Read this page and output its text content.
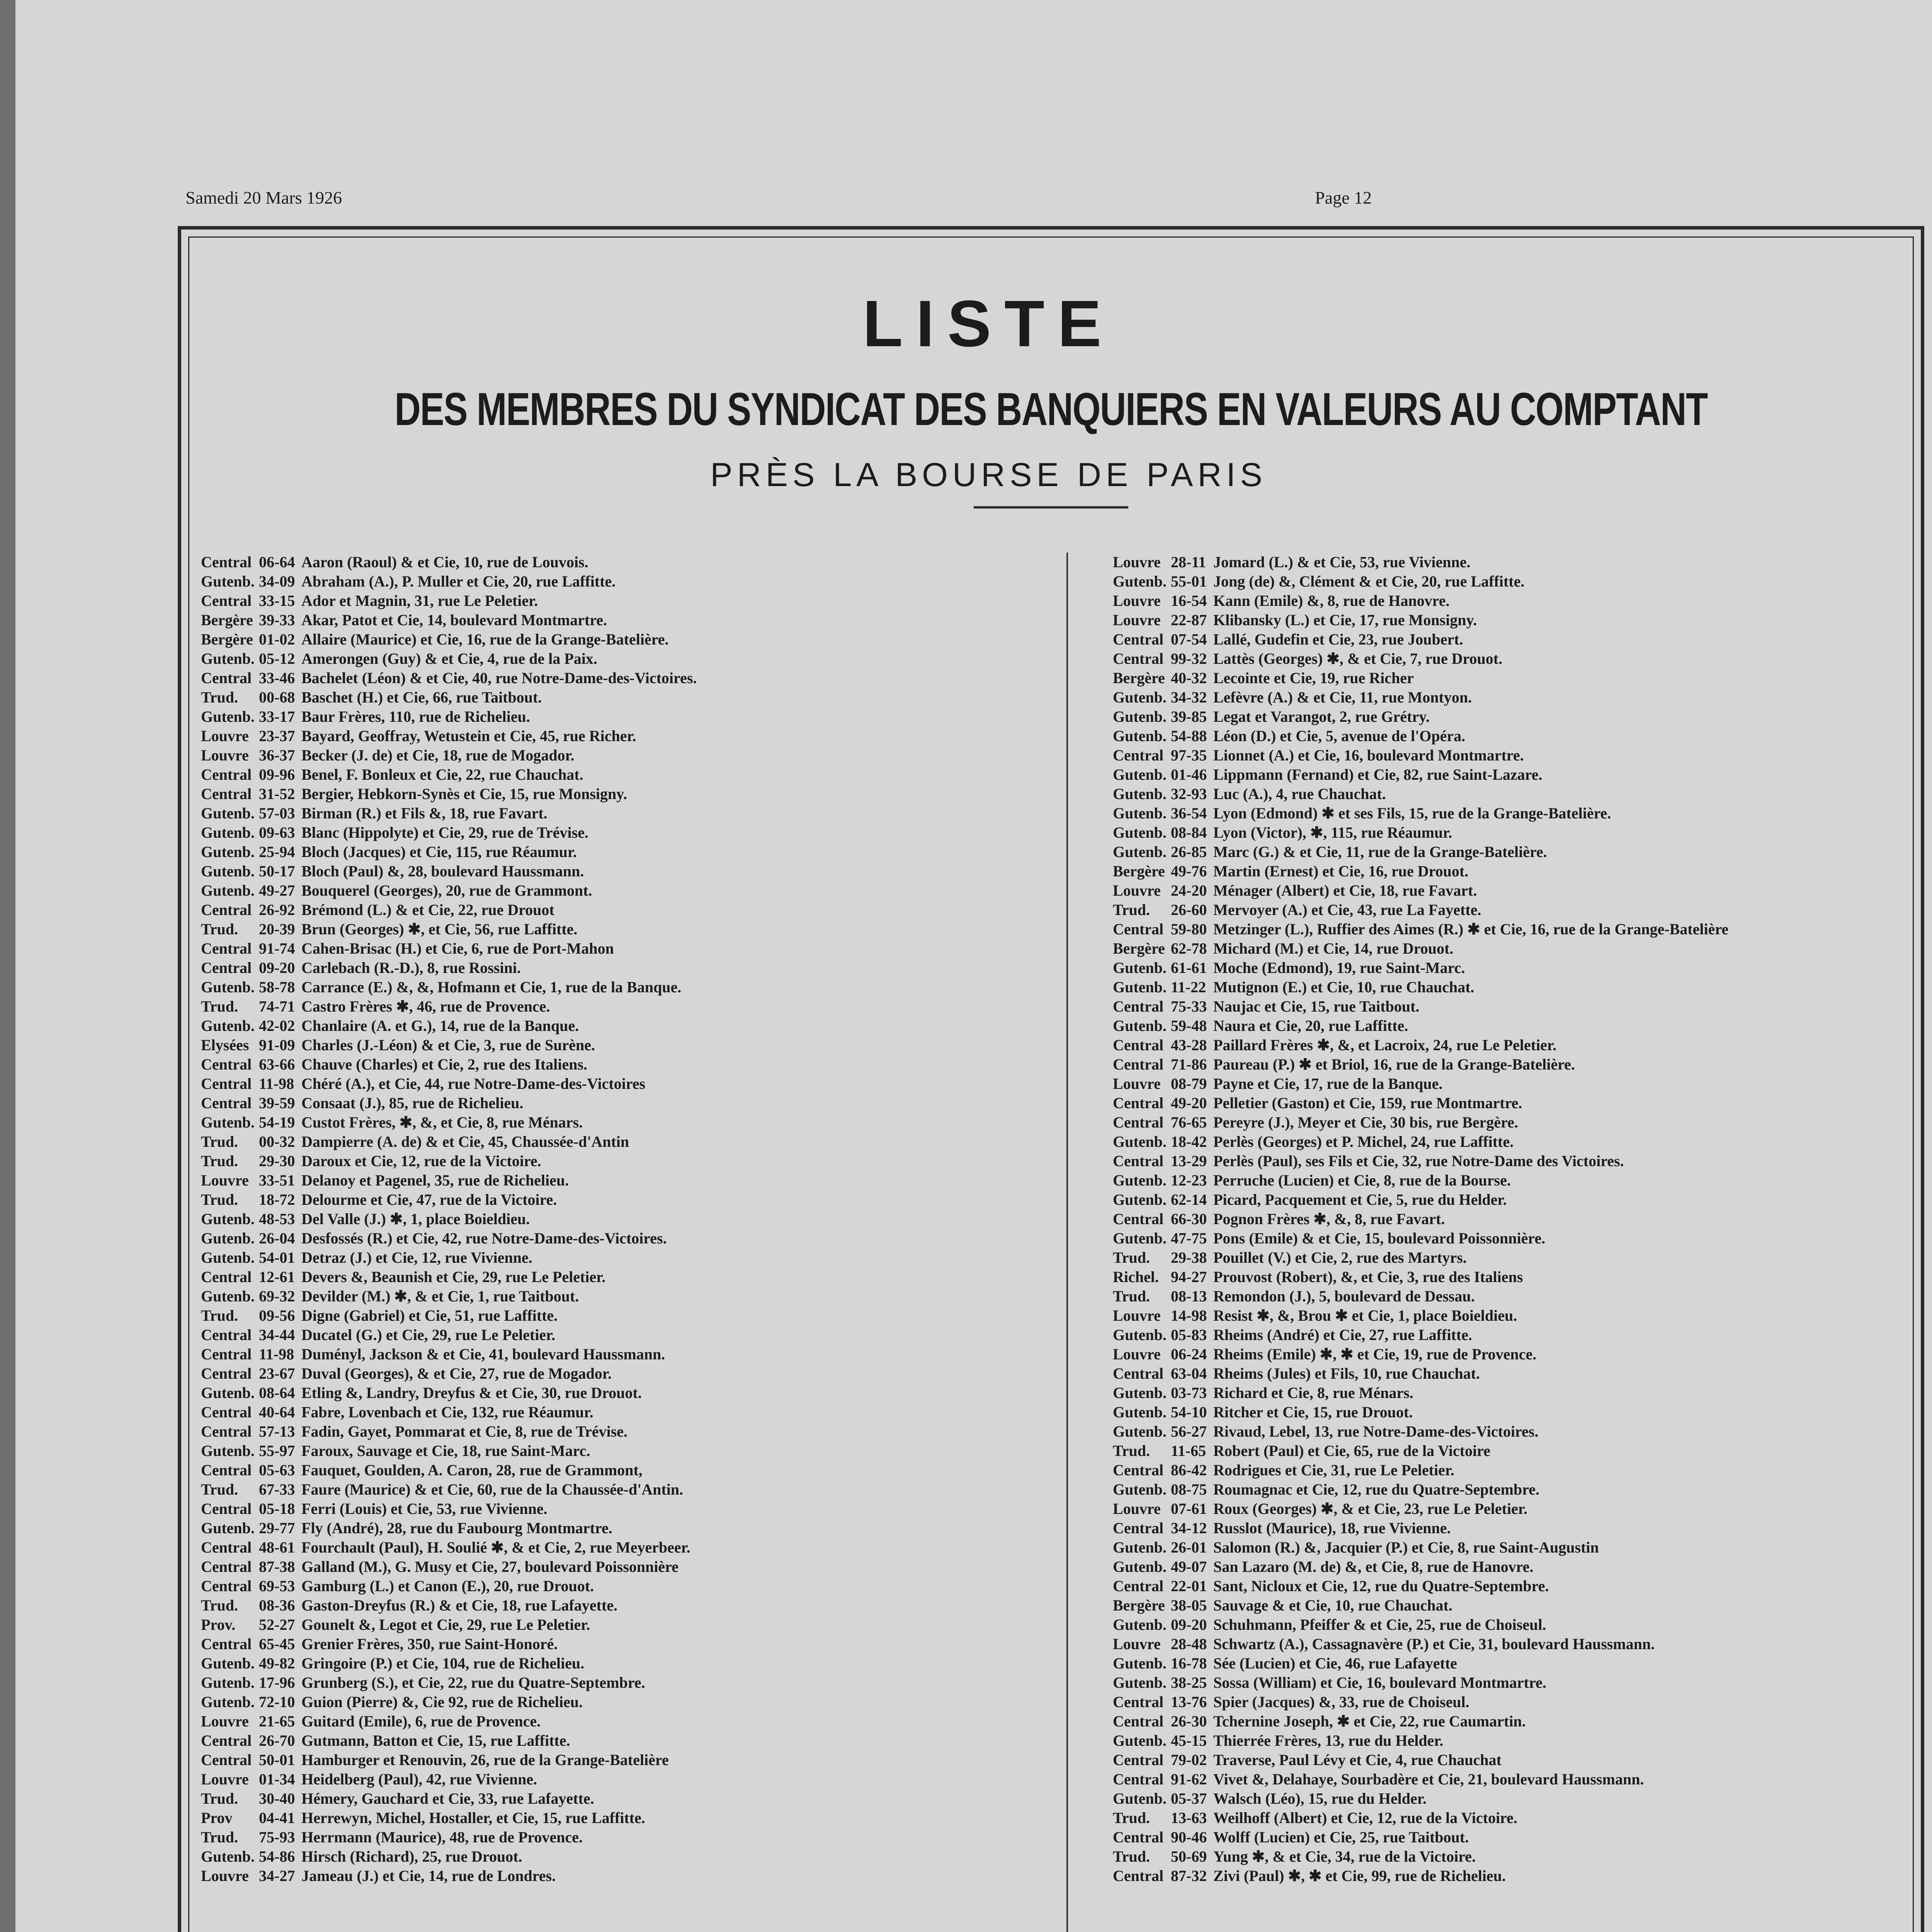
Samedi 20 Mars 1926	Page 12
LISTE
DES MEMBRES DU SYNDICAT DES BANQUIERS EN VALEURS AU COMPTANT
PRÈS LA BOURSE DE PARIS
Central 06-64 Aaron (Raoul) & et Cie, 10, rue de Louvois.
Gutenb. 34-09 Abraham (A.), P. Muller et Cie, 20, rue Laffitte.
Central 33-15 Ador et Magnin, 31, rue Le Peletier.
Bergère 39-33 Akar, Patot et Cie, 14, boulevard Montmartre.
Bergère 01-02 Allaire (Maurice) et Cie, 16, rue de la Grange-Batelière.
Gutenb. 05-12 Amerongen (Guy) & et Cie, 4, rue de la Paix.
Central 33-46 Bachelet (Léon) & et Cie, 40, rue Notre-Dame-des-Victoires.
Trud.	00-68 Baschet (H.) et Cie, 66, rue Taitbout.
Gutenb. 33-17 Baur Frères, 110, rue de Richelieu.
Louvre 23-37 Bayard, Geoffray, Wetustein et Cie, 45, rue Richer.
Louvre 36-37 Becker (J. de) et Cie, 18, rue de Mogador.
Central 09-96 Benel, F. Bonleux et Cie, 22, rue Chauchat.
Central 31-52 Bergier, Hebkorn-Synès et Cie, 15, rue Monsigny.
Gutenb. 57-03 Birman (R.) et Fils &, 18, rue Favart.
Gutenb. 09-63 Blanc (Hippolyte) et Cie, 29, rue de Trévise.
Gutenb. 25-94 Bloch (Jacques) et Cie, 115, rue Réaumur.
Gutenb. 50-17 Bloch (Paul) &, 28, boulevard Haussmann.
Gutenb. 49-27 Bouquerel (Georges), 20, rue de Grammont.
Central 26-92 Brémond (L.) & et Cie, 22, rue Drouot
Trud.	20-39 Brun (Georges) ✱, et Cie, 56, rue Laffitte.
Central 91-74 Cahen-Brisac (H.) et Cie, 6, rue de Port-Mahon
Central 09-20 Carlebach (R.-D.), 8, rue Rossini.
Gutenb. 58-78 Carrance (E.) &, &, Hofmann et Cie, 1, rue de la Banque.
Trud.	74-71 Castro Frères ✱, 46, rue de Provence.
Gutenb. 42-02 Chanlaire (A. et G.), 14, rue de la Banque.
Elysées 91-09 Charles (J.-Léon) & et Cie, 3, rue de Surène.
Central 63-66 Chauve (Charles) et Cie, 2, rue des Italiens.
Central 11-98 Chéré (A.), et Cie, 44, rue Notre-Dame-des-Victoires
Central 39-59 Consaat (J.), 85, rue de Richelieu.
Gutenb. 54-19 Custot Frères, ✱, &, et Cie, 8, rue Ménars.
Trud.	00-32 Dampierre (A. de) & et Cie, 45, Chaussée-d'Antin
Trud.	29-30 Daroux et Cie, 12, rue de la Victoire.
Louvre 33-51 Delanoy et Pagenel, 35, rue de Richelieu.
Trud.	18-72 Delourme et Cie, 47, rue de la Victoire.
Gutenb. 48-53 Del Valle (J.) ✱, 1, place Boieldieu.
Gutenb. 26-04 Desfossés (R.) et Cie, 42, rue Notre-Dame-des-Victoires.
Gutenb. 54-01 Detraz (J.) et Cie, 12, rue Vivienne.
Central 12-61 Devers &, Beaunish et Cie, 29, rue Le Peletier.
Gutenb. 69-32 Devilder (M.) ✱, & et Cie, 1, rue Taitbout.
Trud.	09-56 Digne (Gabriel) et Cie, 51, rue Laffitte.
Central 34-44 Ducatel (G.) et Cie, 29, rue Le Peletier.
Central 11-98 Duményl, Jackson & et Cie, 41, boulevard Haussmann.
Central 23-67 Duval (Georges), & et Cie, 27, rue de Mogador.
Gutenb. 08-64 Etling &, Landry, Dreyfus & et Cie, 30, rue Drouot.
Central 40-64 Fabre, Lovenbach et Cie, 132, rue Réaumur.
Central 57-13 Fadin, Gayet, Pommarat et Cie, 8, rue de Trévise.
Gutenb. 55-97 Faroux, Sauvage et Cie, 18, rue Saint-Marc.
Central 05-63 Fauquet, Goulden, A. Caron, 28, rue de Grammont,
Trud.	67-33 Faure (Maurice) & et Cie, 60, rue de la Chaussée-d'Antin.
Central 05-18 Ferri (Louis) et Cie, 53, rue Vivienne.
Gutenb. 29-77 Fly (André), 28, rue du Faubourg Montmartre.
Central 48-61 Fourchault (Paul), H. Soulié ✱, & et Cie, 2, rue Meyerbeer.
Central 87-38 Galland (M.), G. Musy et Cie, 27, boulevard Poissonnière
Central 69-53 Gamburg (L.) et Canon (E.), 20, rue Drouot.
Trud.	08-36 Gaston-Dreyfus (R.) & et Cie, 18, rue Lafayette.
Prov.	52-27 Gounelt &, Legot et Cie, 29, rue Le Peletier.
Central 65-45 Grenier Frères, 350, rue Saint-Honoré.
Gutenb. 49-82 Gringoire (P.) et Cie, 104, rue de Richelieu.
Gutenb. 17-96 Grunberg (S.), et Cie, 22, rue du Quatre-Septembre.
Gutenb. 72-10 Guion (Pierre) &, Cie 92, rue de Richelieu.
Louvre 21-65 Guitard (Emile), 6, rue de Provence.
Central 26-70 Gutmann, Batton et Cie, 15, rue Laffitte.
Central 50-01 Hamburger et Renouvin, 26, rue de la Grange-Batelière
Louvre 01-34 Heidelberg (Paul), 42, rue Vivienne.
Trud.	30-40 Hémery, Gauchard et Cie, 33, rue Lafayette.
Prov	04-41 Herrewyn, Michel, Hostaller, et Cie, 15, rue Laffitte.
Trud.	75-93 Herrmann (Maurice), 48, rue de Provence.
Gutenb. 54-86 Hirsch (Richard), 25, rue Drouot.
Louvre 34-27 Jameau (J.) et Cie, 14, rue de Londres.
Louvre 28-11 Jomard (L.) & et Cie, 53, rue Vivienne.
Gutenb. 55-01 Jong (de) &, Clément & et Cie, 20, rue Laffitte.
Louvre 16-54 Kann (Emile) &, 8, rue de Hanovre.
Louvre 22-87 Klibansky (L.) et Cie, 17, rue Monsigny.
Central 07-54 Lallé, Gudefin et Cie, 23, rue Joubert.
Central 99-32 Lattès (Georges) ✱, & et Cie, 7, rue Drouot.
Bergère 40-32 Lecointe et Cie, 19, rue Richer
Gutenb. 34-32 Lefèvre (A.) & et Cie, 11, rue Montyon.
Gutenb. 39-85 Legat et Varangot, 2, rue Grétry.
Gutenb. 54-88 Léon (D.) et Cie, 5, avenue de l'Opéra.
Central 97-35 Lionnet (A.) et Cie, 16, boulevard Montmartre.
Gutenb. 01-46 Lippmann (Fernand) et Cie, 82, rue Saint-Lazare.
Gutenb. 32-93 Luc (A.), 4, rue Chauchat.
Gutenb. 36-54 Lyon (Edmond) ✱ et ses Fils, 15, rue de la Grange-Batelière.
Gutenb. 08-84 Lyon (Victor), ✱, 115, rue Réaumur.
Gutenb. 26-85 Marc (G.) & et Cie, 11, rue de la Grange-Batelière.
Bergère 49-76 Martin (Ernest) et Cie, 16, rue Drouot.
Louvre 24-20 Ménager (Albert) et Cie, 18, rue Favart.
Trud.	26-60 Mervoyer (A.) et Cie, 43, rue La Fayette.
Central 59-80 Metzinger (L.), Ruffier des Aimes (R.) ✱ et Cie, 16, rue de la Grange-Batelière
Bergère 62-78 Michard (M.) et Cie, 14, rue Drouot.
Gutenb. 61-61 Moche (Edmond), 19, rue Saint-Marc.
Gutenb. 11-22 Mutignon (E.) et Cie, 10, rue Chauchat.
Central 75-33 Naujac et Cie, 15, rue Taitbout.
Gutenb. 59-48 Naura et Cie, 20, rue Laffitte.
Central 43-28 Paillard Frères ✱, &, et Lacroix, 24, rue Le Peletier.
Central 71-86 Paureau (P.) ✱ et Briol, 16, rue de la Grange-Batelière.
Louvre 08-79 Payne et Cie, 17, rue de la Banque.
Central 49-20 Pelletier (Gaston) et Cie, 159, rue Montmartre.
Central 76-65 Pereyre (J.), Meyer et Cie, 30 bis, rue Bergère.
Gutenb. 18-42 Perlès (Georges) et P. Michel, 24, rue Laffitte.
Central 13-29 Perlès (Paul), ses Fils et Cie, 32, rue Notre-Dame des Victoires.
Gutenb. 12-23 Perruche (Lucien) et Cie, 8, rue de la Bourse.
Gutenb. 62-14 Picard, Pacquement et Cie, 5, rue du Helder.
Central 66-30 Pognon Frères ✱, &, 8, rue Favart.
Gutenb. 47-75 Pons (Emile) & et Cie, 15, boulevard Poissonnière.
Trud.	29-38 Pouillet (V.) et Cie, 2, rue des Martyrs.
Richel. 94-27 Prouvost (Robert), &, et Cie, 3, rue des Italiens
Trud.	08-13 Remondon (J.), 5, boulevard de Dessau.
Louvre 14-98 Resist ✱, &, Brou ✱ et Cie, 1, place Boieldieu.
Gutenb. 05-83 Rheims (André) et Cie, 27, rue Laffitte.
Louvre 06-24 Rheims (Emile) ✱, ✱ et Cie, 19, rue de Provence.
Central 63-04 Rheims (Jules) et Fils, 10, rue Chauchat.
Gutenb. 03-73 Richard et Cie, 8, rue Ménars.
Gutenb. 54-10 Ritcher et Cie, 15, rue Drouot.
Gutenb. 56-27 Rivaud, Lebel, 13, rue Notre-Dame-des-Victoires.
Trud.	11-65 Robert (Paul) et Cie, 65, rue de la Victoire
Central 86-42 Rodrigues et Cie, 31, rue Le Peletier.
Gutenb. 08-75 Roumagnac et Cie, 12, rue du Quatre-Septembre.
Louvre 07-61 Roux (Georges) ✱, & et Cie, 23, rue Le Peletier.
Central 34-12 Russlot (Maurice), 18, rue Vivienne.
Gutenb. 26-01 Salomon (R.) &, Jacquier (P.) et Cie, 8, rue Saint-Augustin
Gutenb. 49-07 San Lazaro (M. de) &, et Cie, 8, rue de Hanovre.
Central 22-01 Sant, Nicloux et Cie, 12, rue du Quatre-Septembre.
Bergère 38-05 Sauvage & et Cie, 10, rue Chauchat.
Gutenb. 09-20 Schuhmann, Pfeiffer & et Cie, 25, rue de Choiseul.
Louvre 28-48 Schwartz (A.), Cassagnavère (P.) et Cie, 31, boulevard Haussmann.
Gutenb. 16-78 Sée (Lucien) et Cie, 46, rue Lafayette
Gutenb. 38-25 Sossa (William) et Cie, 16, boulevard Montmartre.
Central 13-76 Spier (Jacques) &, 33, rue de Choiseul.
Central 26-30 Tchernine Joseph, ✱ et Cie, 22, rue Caumartin.
Gutenb. 45-15 Thierrée Frères, 13, rue du Helder.
Central 79-02 Traverse, Paul Lévy et Cie, 4, rue Chauchat
Central 91-62 Vivet &, Delahaye, Sourbadère et Cie, 21, boulevard Haussmann.
Gutenb. 05-37 Walsch (Léo), 15, rue du Helder.
Trud.	13-63 Weilhoff (Albert) et Cie, 12, rue de la Victoire.
Central 90-46 Wolff (Lucien) et Cie, 25, rue Taitbout.
Trud.	50-69 Yung ✱, & et Cie, 34, rue de la Victoire.
Central 87-32 Zivi (Paul) ✱, ✱ et Cie, 99, rue de Richelieu.
